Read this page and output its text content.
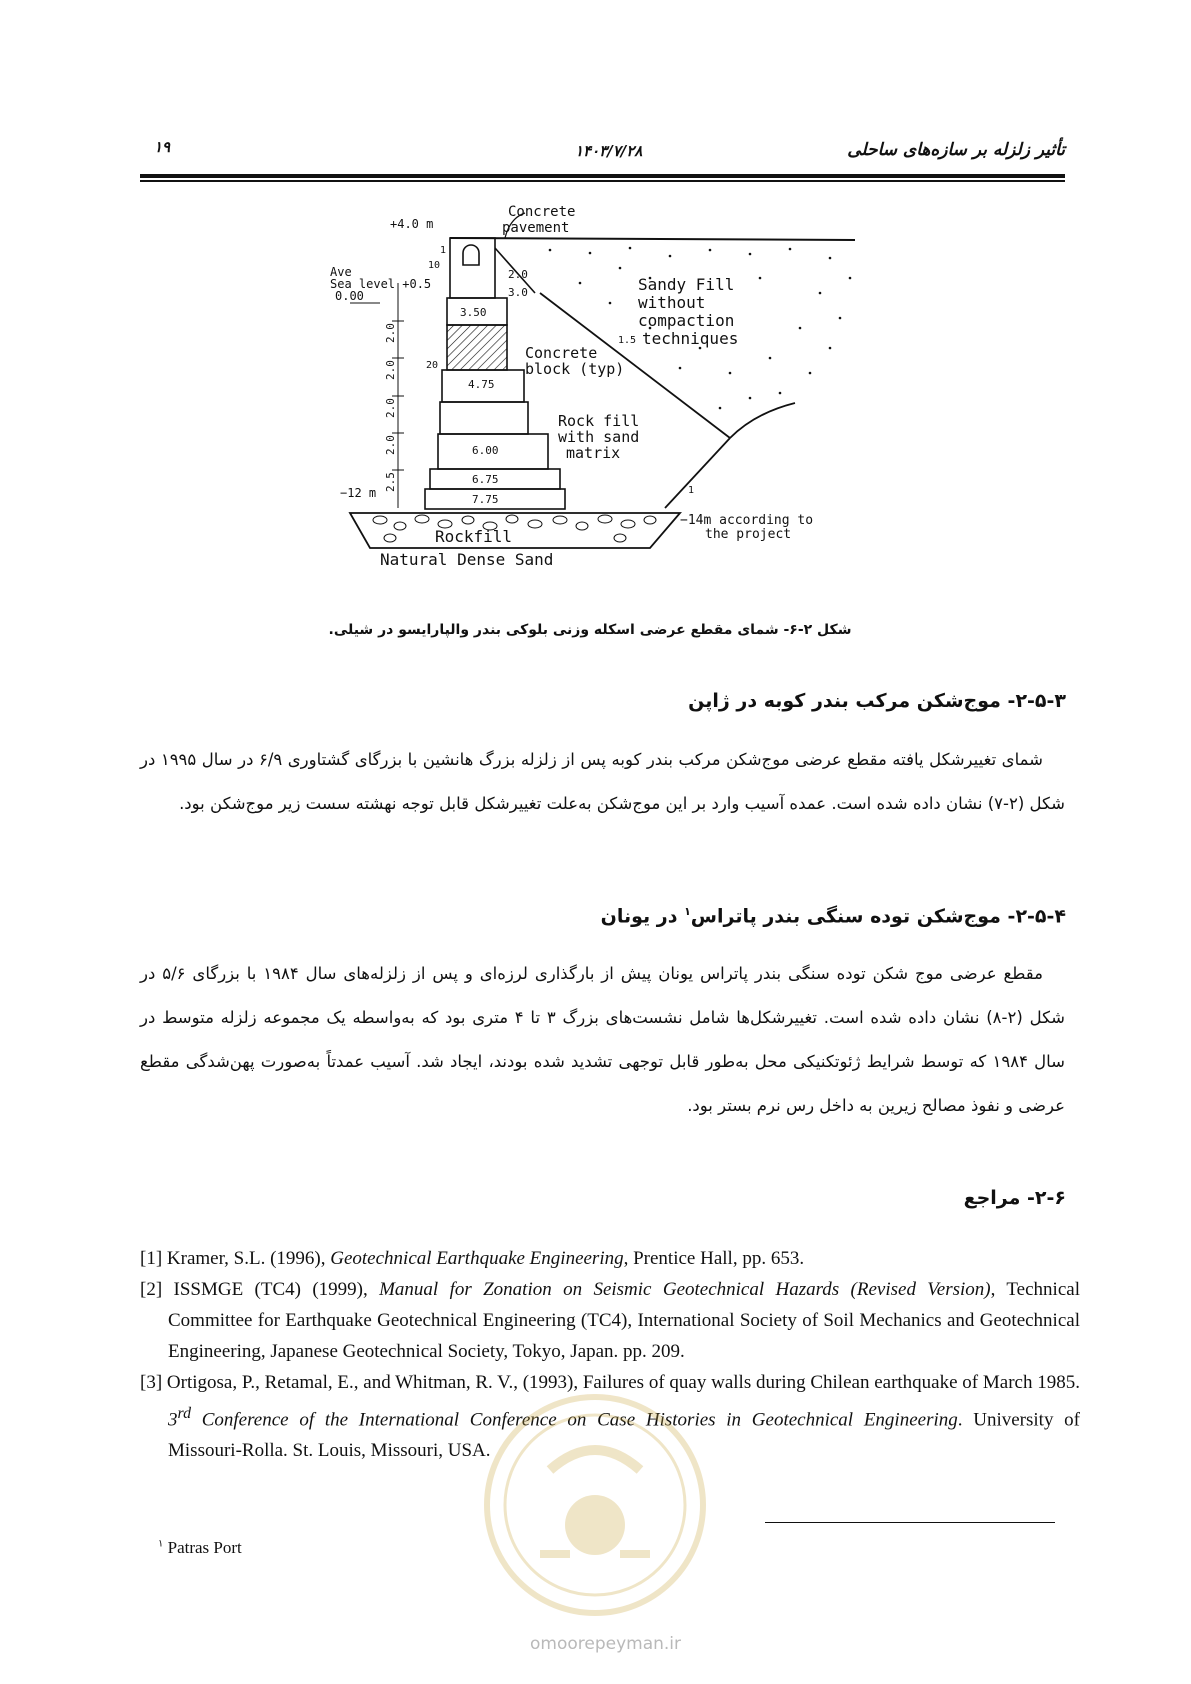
۱۹	۱۴۰۳/۷/۲۸	تأثیر زلزله بر سازه‌های ساحلی
Concrete
pavement
+4.0 m
Ave
Sea level +0.5
0.00
Sandy Fill
without
compaction
techniques
Concrete
block (typ)
Rock fill
with sand
matrix
−12 m
−14m according to
the project
Rockfill
Natural Dense Sand
2.0
3.0
3.50
4.75
6.00
6.75
7.75
1.5
1
10
20
1
2.0
2.0
2.0
2.0
2.5
شکل ۲-۶- شمای مقطع عرضی اسکله وزنی بلوکی بندر والپارایسو در شیلی.
۲-۵-۳- موج‌شکن مرکب بندر کوبه در ژاپن
شمای تغییرشکل یافته مقطع عرضی موج‌شکن مرکب بندر کوبه پس از زلزله بزرگ هانشین با بزرگای گشتاوری ۶/۹ در سال ۱۹۹۵ در شکل (۲-۷) نشان داده شده است. عمده آسیب وارد بر این موج‌شکن به‌علت تغییرشکل قابل توجه نهشته سست زیر موج‌شکن بود.
۲-۵-۴- موج‌شکن توده سنگی بندر پاتراس$^۱$ در یونان
مقطع عرضی موج شکن توده سنگی بندر پاتراس یونان پیش از بارگذاری لرزه‌ای و پس از زلزله‌های سال ۱۹۸۴ با بزرگای ۵/۶ در شکل (۲-۸) نشان داده شده است. تغییرشکل‌ها شامل نشست‌های بزرگ ۳ تا ۴ متری بود که به‌واسطه یک مجموعه زلزله متوسط در سال ۱۹۸۴ که توسط شرایط ژئوتکنیکی محل به‌طور قابل توجهی تشدید شده بودند، ایجاد شد. آسیب عمدتاً به‌صورت پهن‌شدگی مقطع عرضی و نفوذ مصالح زیرین به داخل رس نرم بستر بود.
۲-۶- مراجع

[1] Kramer, S.L. (1996), Geotechnical Earthquake Engineering, Prentice Hall, pp. 653.

[2] ISSMGE (TC4) (1999), Manual for Zonation on Seismic Geotechnical Hazards (Revised Version), Technical Committee for Earthquake Geotechnical Engineering (TC4), International Society of Soil Mechanics and Geotechnical Engineering, Japanese Geotechnical Society, Tokyo, Japan. pp. 209.

[3] Ortigosa, P., Retamal, E., and Whitman, R. V., (1993), Failures of quay walls during Chilean earthquake of March 1985. 3rd Conference of the International Conference on Case Histories in Geotechnical Engineering. University of Missouri-Rolla. St. Louis, Missouri, USA.

$^۱$ Patras Port
omoorepeyman.ir
